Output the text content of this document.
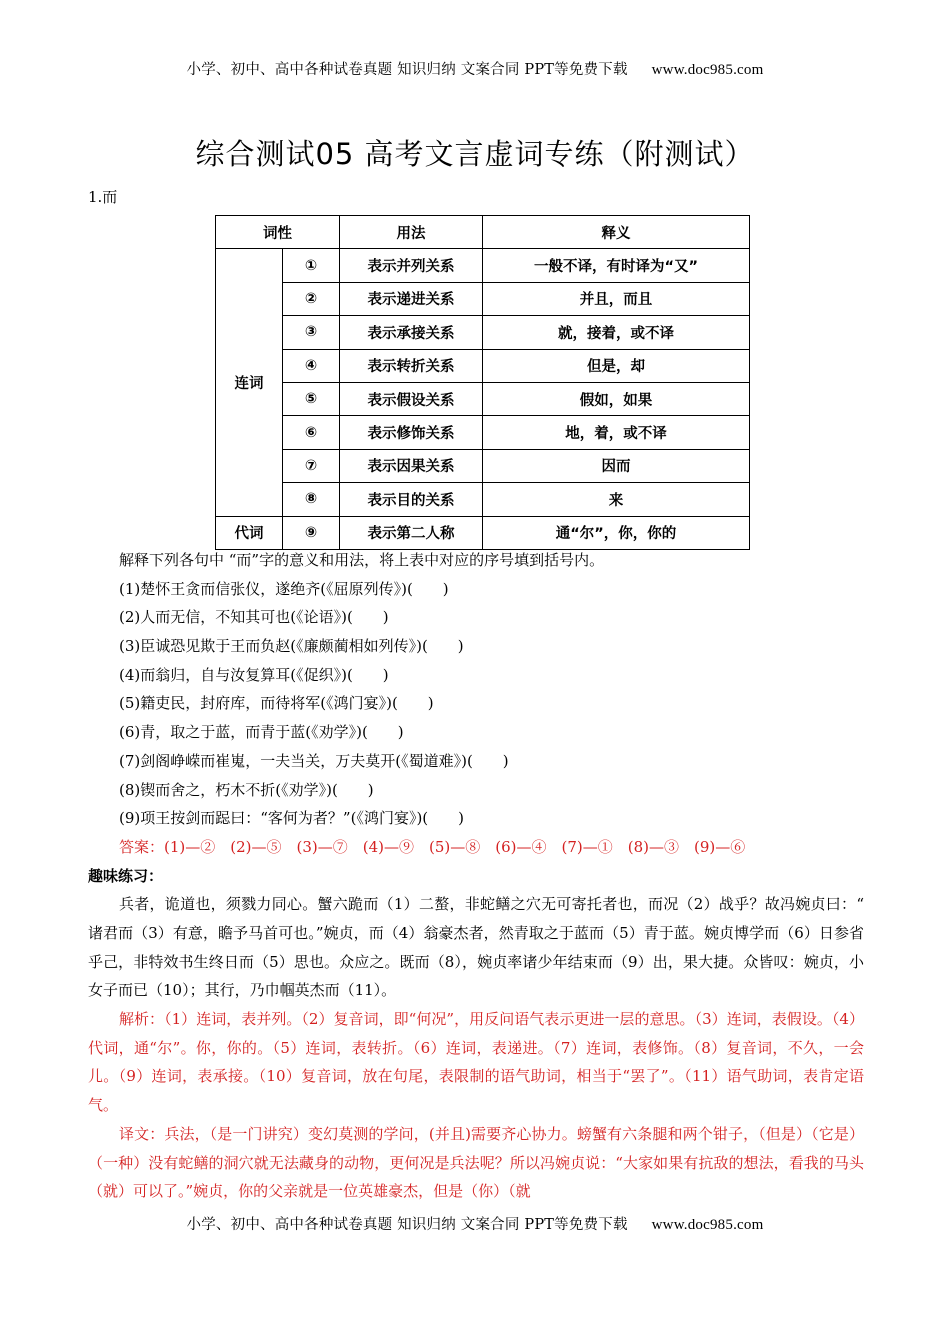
小学、初中、高中各种试卷真题 知识归纳 文案合同 PPT等免费下载 www.doc985.com
综合测试05 高考文言虚词专练（附测试）
1.而
词性		用法	释义
连词	①	表示并列关系	一般不译，有时译为“又”
	②	表示递进关系	并且，而且
	③	表示承接关系	就，接着，或不译
	④	表示转折关系	但是，却
	⑤	表示假设关系	假如，如果
	⑥	表示修饰关系	地，着，或不译
	⑦	表示因果关系	因而
	⑧	表示目的关系	来
代词	⑨	表示第二人称	通“尔”，你，你的
解释下列各句中 “而”字的意义和用法，将上表中对应的序号填到括号内。
(1)楚怀王贪而信张仪，遂绝齐(《屈原列传》)(　　)
(2)人而无信，不知其可也(《论语》)(　　)
(3)臣诚恐见欺于王而负赵(《廉颇蔺相如列传》)(　　)
(4)而翁归，自与汝复算耳(《促织》)(　　)
(5)籍吏民，封府库，而待将军(《鸿门宴》)(　　)
(6)青，取之于蓝，而青于蓝(《劝学》)(　　)
(7)剑阁峥嵘而崔嵬，一夫当关，万夫莫开(《蜀道难》)(　　)
(8)锲而舍之，朽木不折(《劝学》)(　　)
(9)项王按剑而跽曰：“客何为者？”(《鸿门宴》)(　　)
答案：(1)—②　(2)—⑤　(3)—⑦　(4)—⑨　(5)—⑧　(6)—④　(7)—①　(8)—③　(9)—⑥
趣味练习：

兵者，诡道也，须戮力同心。蟹六跪而（1）二螯，非蛇鳝之穴无可寄托者也，而况（2）战乎？故冯婉贞曰：“ 诸君而（3）有意，瞻予马首可也。”婉贞，而（4）翁豪杰者，然青取之于蓝而（5）青于蓝。婉贞博学而（6）日参省乎己，非特效书生终日而（5）思也。众应之。既而（8），婉贞率诸少年结束而（9）出，果大捷。众皆叹：婉贞，小女子而已（10）；其行，乃巾帼英杰而（11）。

解析：（1）连词，表并列。（2）复音词，即“何况”，用反问语气表示更进一层的意思。（3）连词，表假设。（4）代词，通“尔”。你，你的。（5）连词，表转折。（6）连词，表递进。（7）连词，表修饰。（8）复音词，不久，一会儿。（9）连词，表承接。（10）复音词，放在句尾，表限制的语气助词，相当于“罢了”。（11）语气助词，表肯定语气。

译文：兵法，（是一门讲究）变幻莫测的学问，(并且)需要齐心协力。螃蟹有六条腿和两个钳子，（但是）（它是）（一种）没有蛇鳝的洞穴就无法藏身的动物，更何况是兵法呢？所以冯婉贞说：“大家如果有抗敌的想法，看我的马头（就）可以了。”婉贞，你的父亲就是一位英雄豪杰，但是（你）（就

小学、初中、高中各种试卷真题 知识归纳 文案合同 PPT等免费下载 www.doc985.com
